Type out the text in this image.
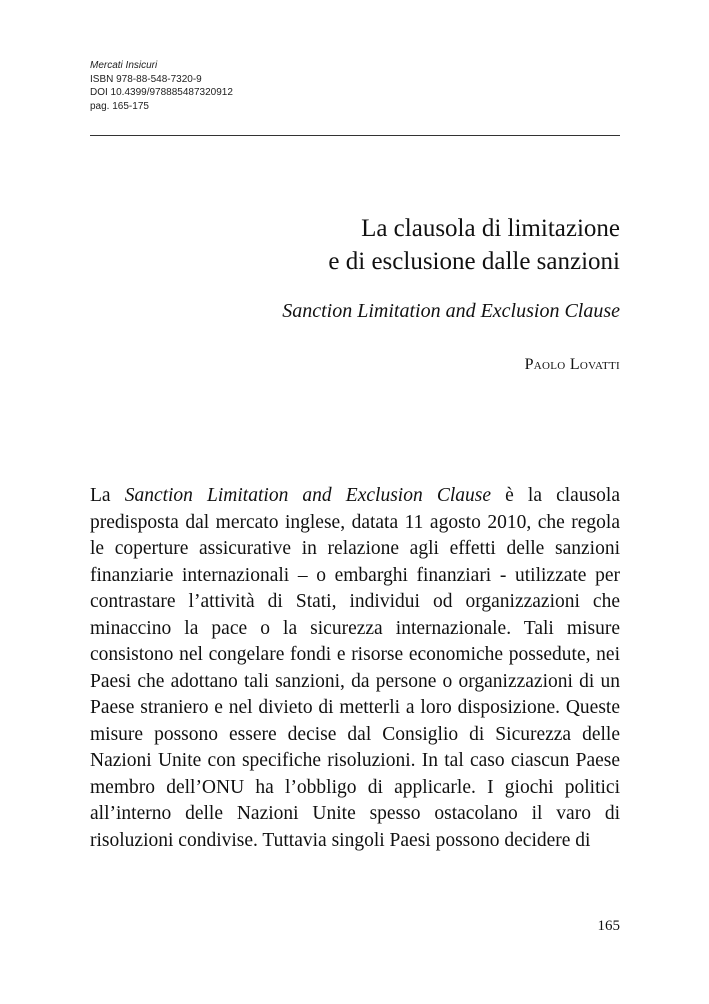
Mercati Insicuri
ISBN 978-88-548-7320-9
DOI 10.4399/978885487320912
pag. 165-175
La clausola di limitazione
e di esclusione dalle sanzioni
Sanction Limitation and Exclusion Clause
Paolo Lovatti

La Sanction Limitation and Exclusion Clause è la clausola predisposta dal mercato inglese, datata 11 agosto 2010, che regola le coperture assicurative in relazione agli effetti delle sanzioni finanziarie internazionali – o embarghi finanziari - utilizzate per contrastare l’attività di Stati, individui od organizzazioni che minaccino la pace o la sicurezza internazionale. Tali misure consistono nel congelare fondi e risorse economiche possedute, nei Paesi che adottano tali sanzioni, da persone o organizzazioni di un Paese straniero e nel divieto di metterli a loro disposizione. Queste misure possono essere decise dal Consiglio di Sicurezza delle Nazioni Unite con specifiche risoluzioni. In tal caso ciascun Paese membro dell’ONU ha l’obbligo di applicarle. I giochi politici all’interno delle Nazioni Unite spesso ostacolano il varo di risoluzioni condivise. Tuttavia singoli Paesi possono decidere di

165
